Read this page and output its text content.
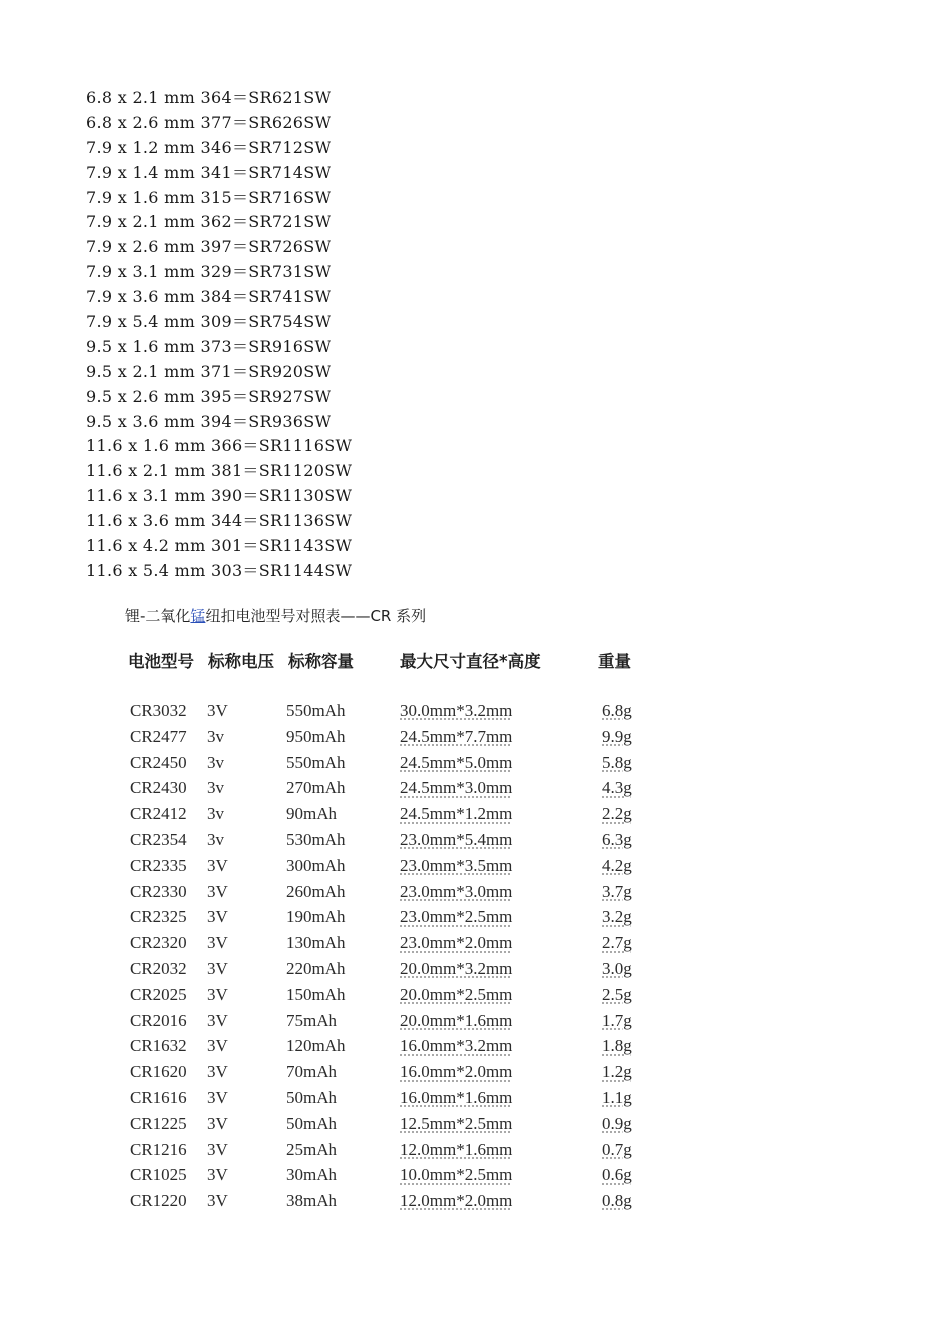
6.8 x 2.1 mm 364＝SR621SW
6.8 x 2.6 mm 377＝SR626SW
7.9 x 1.2 mm 346＝SR712SW
7.9 x 1.4 mm 341＝SR714SW
7.9 x 1.6 mm 315＝SR716SW
7.9 x 2.1 mm 362＝SR721SW
7.9 x 2.6 mm 397＝SR726SW
7.9 x 3.1 mm 329＝SR731SW
7.9 x 3.6 mm 384＝SR741SW
7.9 x 5.4 mm 309＝SR754SW
9.5 x 1.6 mm 373＝SR916SW
9.5 x 2.1 mm 371＝SR920SW
9.5 x 2.6 mm 395＝SR927SW
9.5 x 3.6 mm 394＝SR936SW
11.6 x 1.6 mm 366＝SR1116SW
11.6 x 2.1 mm 381＝SR1120SW
11.6 x 3.1 mm 390＝SR1130SW
11.6 x 3.6 mm 344＝SR1136SW
11.6 x 4.2 mm 301＝SR1143SW
11.6 x 5.4 mm 303＝SR1144SW
锂-二氧化锰纽扣电池型号对照表——CR 系列
电池型号 标称电压 标称容量	最大尺寸直径*高度	重量
CR3032 3V	550mAh	30.0mm*3.2mm	6.8g
CR2477 3v	950mAh	24.5mm*7.7mm	9.9g
CR2450 3v	550mAh	24.5mm*5.0mm	5.8g
CR2430 3v	270mAh	24.5mm*3.0mm	4.3g
CR2412 3v	90mAh	24.5mm*1.2mm	2.2g
CR2354 3v	530mAh	23.0mm*5.4mm	6.3g
CR2335 3V	300mAh	23.0mm*3.5mm	4.2g
CR2330 3V	260mAh	23.0mm*3.0mm	3.7g
CR2325 3V	190mAh	23.0mm*2.5mm	3.2g
CR2320 3V	130mAh	23.0mm*2.0mm	2.7g
CR2032 3V	220mAh	20.0mm*3.2mm	3.0g
CR2025 3V	150mAh	20.0mm*2.5mm	2.5g
CR2016 3V	75mAh	20.0mm*1.6mm	1.7g
CR1632 3V	120mAh	16.0mm*3.2mm	1.8g
CR1620 3V	70mAh	16.0mm*2.0mm	1.2g
CR1616 3V	50mAh	16.0mm*1.6mm	1.1g
CR1225 3V	50mAh	12.5mm*2.5mm	0.9g
CR1216 3V	25mAh	12.0mm*1.6mm	0.7g
CR1025 3V	30mAh	10.0mm*2.5mm	0.6g
CR1220 3V	38mAh	12.0mm*2.0mm	0.8g
